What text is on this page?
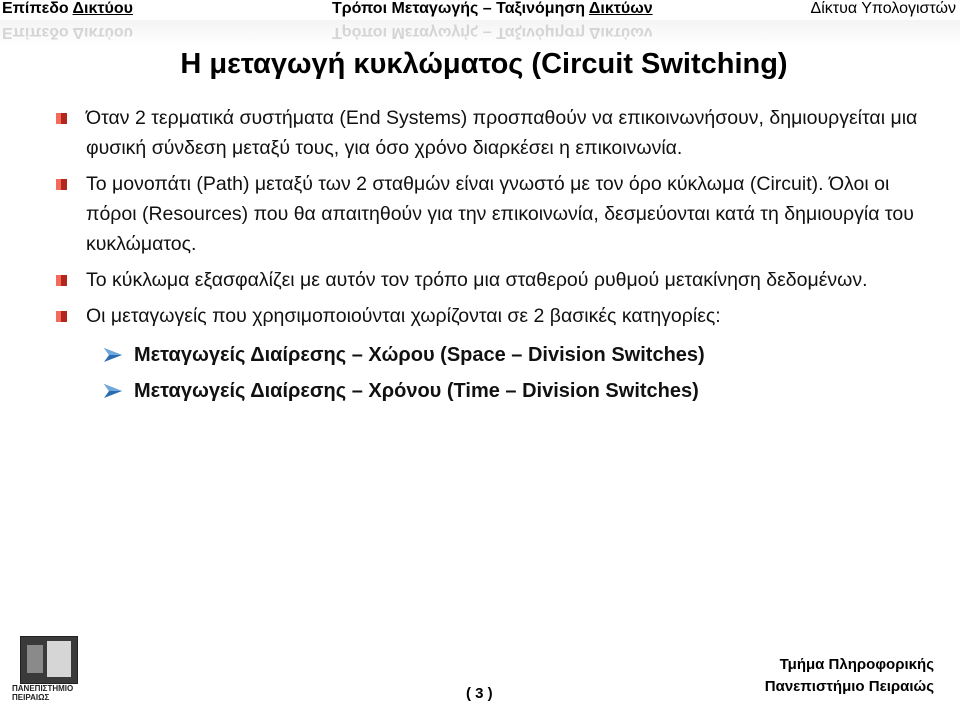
Επίπεδο Δικτύου	Τρόποι Μεταγωγής – Ταξινόμηση Δικτύων	Δίκτυα Υπολογιστών
Επίπεδο Δικτύου	Τρόποι Μεταγωγής – Ταξινόμηση Δικτύων
Η μεταγωγή κυκλώματος (Circuit Switching)
Όταν 2 τερματικά συστήματα (End Systems) προσπαθούν να επικοινωνήσουν, δημιουργείται μια φυσική σύνδεση μεταξύ τους, για όσο χρόνο διαρκέσει η επικοινωνία.
Το μονοπάτι (Path) μεταξύ των 2 σταθμών είναι γνωστό με τον όρο κύκλωμα (Circuit). Όλοι οι πόροι (Resources) που θα απαιτηθούν για την επικοινωνία, δεσμεύονται κατά τη δημιουργία του κυκλώματος.
Το κύκλωμα εξασφαλίζει με αυτόν τον τρόπο μια σταθερού ρυθμού μετακίνηση δεδομένων.
Οι μεταγωγείς που χρησιμοποιούνται χωρίζονται σε 2 βασικές κατηγορίες:
Μεταγωγείς Διαίρεσης – Χώρου (Space – Division Switches)
Μεταγωγείς Διαίρεσης – Χρόνου (Time – Division Switches)
ΠΑΝΕΠΙΣΤΗΜΙΟ
ΠΕΙΡΑΙΩΣ	( 3 )
Τμήμα Πληροφορικής
Πανεπιστήμιο Πειραιώς
